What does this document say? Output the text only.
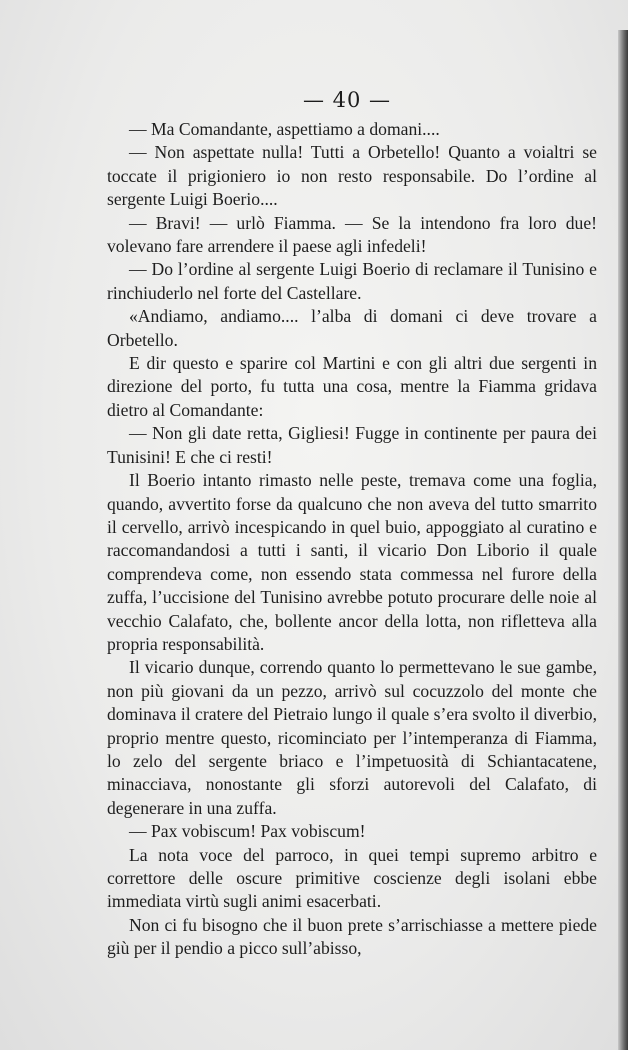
— 40 —

— Ma Comandante, aspettiamo a domani....

— Non aspettate nulla! Tutti a Orbetello! Quanto a voialtri se toccate il prigioniero io non resto responsabile. Do l’ordine al sergente Luigi Boerio....

— Bravi! — urlò Fiamma. — Se la intendono fra loro due! volevano fare arrendere il paese agli infedeli!

— Do l’ordine al sergente Luigi Boerio di reclamare il Tunisino e rinchiuderlo nel forte del Castellare.

«Andiamo, andiamo.... l’alba di domani ci deve trovare a Orbetello.

E dir questo e sparire col Martini e con gli altri due sergenti in direzione del porto, fu tutta una cosa, mentre la Fiamma gridava dietro al Comandante:

— Non gli date retta, Gigliesi! Fugge in continente per paura dei Tunisini! E che ci resti!

Il Boerio intanto rimasto nelle peste, tremava come una foglia, quando, avvertito forse da qualcuno che non aveva del tutto smarrito il cervello, arrivò incespicando in quel buio, appoggiato al curatino e raccomandandosi a tutti i santi, il vicario Don Liborio il quale comprendeva come, non essendo stata commessa nel furore della zuffa, l’uccisione del Tunisino avrebbe potuto procurare delle noie al vecchio Calafato, che, bollente ancor della lotta, non rifletteva alla propria responsabilità.

Il vicario dunque, correndo quanto lo permettevano le sue gambe, non più giovani da un pezzo, arrivò sul cocuzzolo del monte che dominava il cratere del Pietraio lungo il quale s’era svolto il diverbio, proprio mentre questo, ricominciato per l’intemperanza di Fiamma, lo zelo del sergente briaco e l’impetuosità di Schiantacatene, minacciava, nonostante gli sforzi autorevoli del Calafato, di degenerare in una zuffa.

— Pax vobiscum! Pax vobiscum!

La nota voce del parroco, in quei tempi supremo arbitro e correttore delle oscure primitive coscienze degli isolani ebbe immediata virtù sugli animi esacerbati.

Non ci fu bisogno che il buon prete s’arrischiasse a mettere piede giù per il pendio a picco sull’abisso,
